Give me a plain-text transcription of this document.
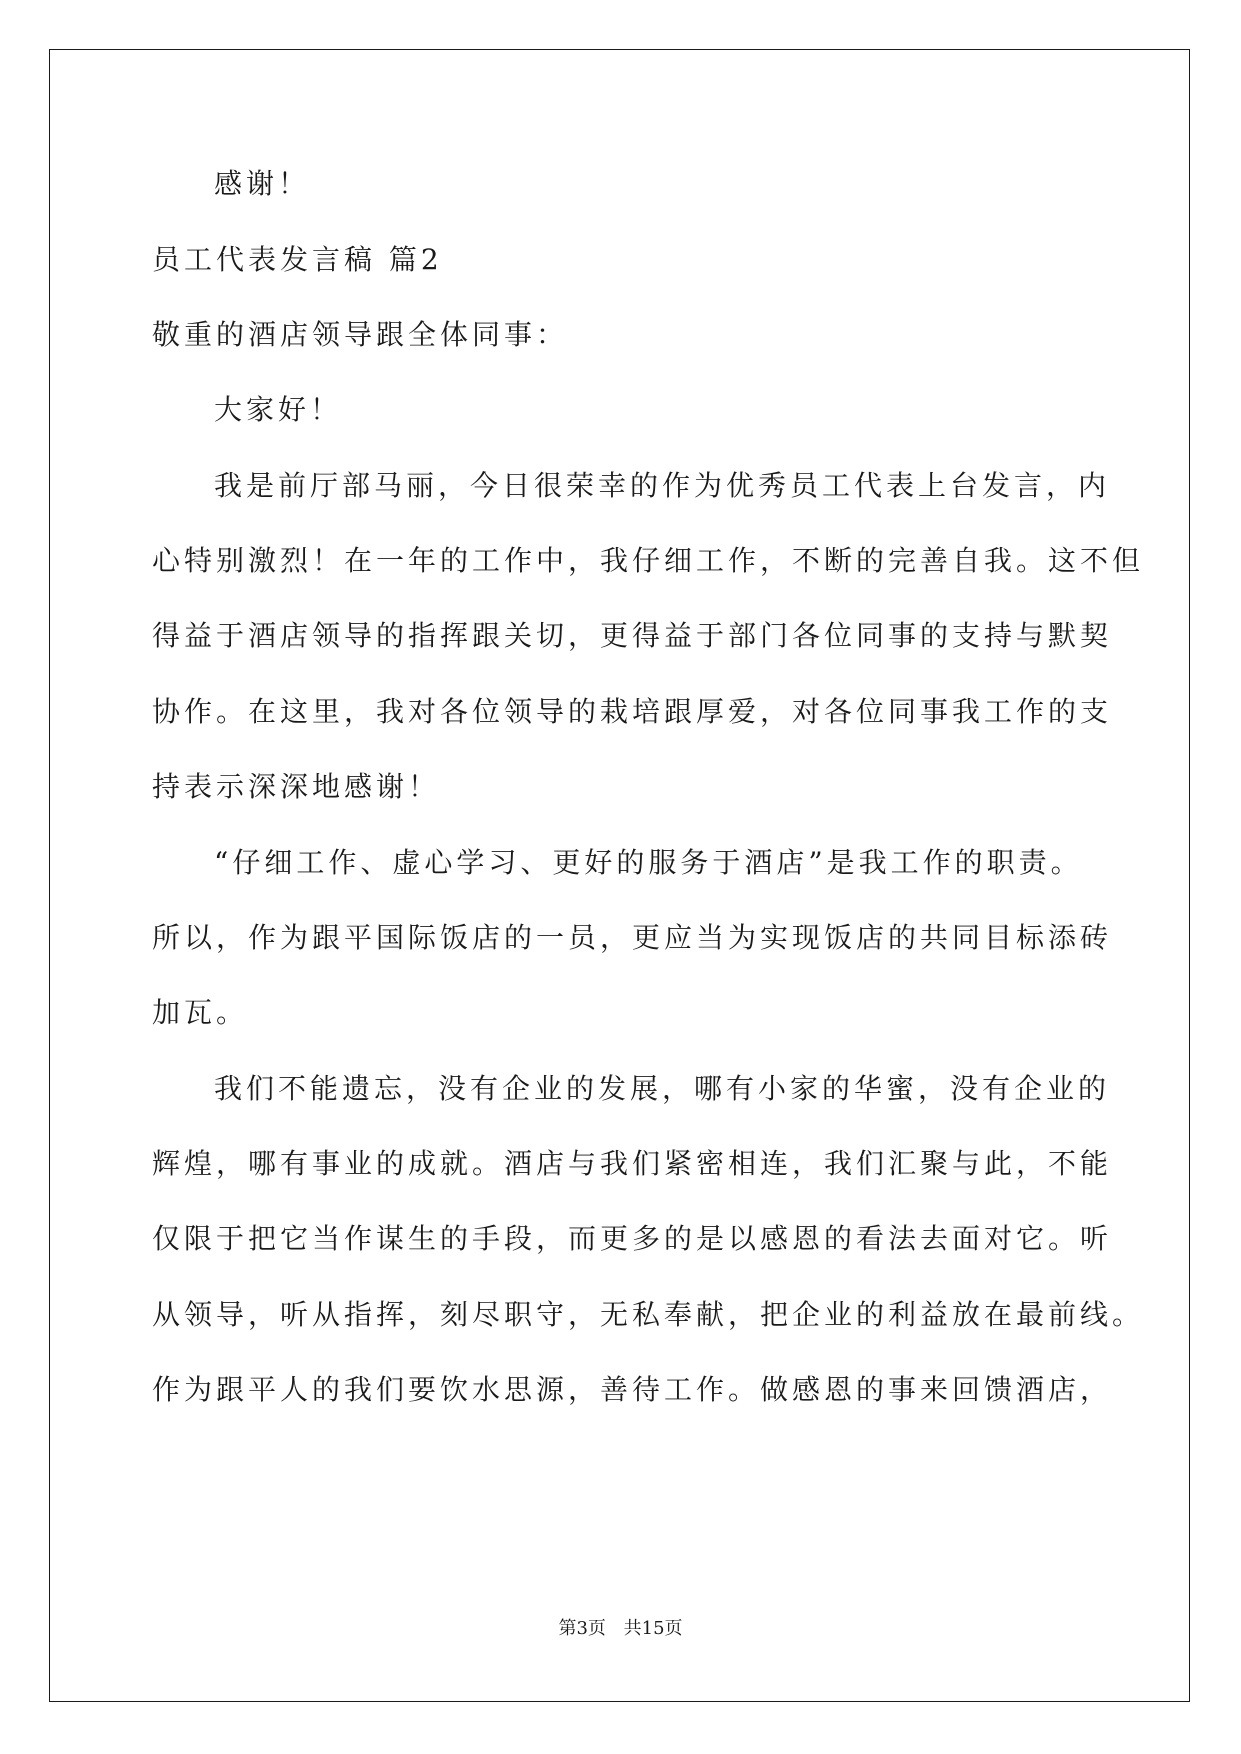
感谢！
员工代表发言稿 篇2
敬重的酒店领导跟全体同事：
大家好！
我是前厅部马丽，今日很荣幸的作为优秀员工代表上台发言，内
心特别激烈！在一年的工作中，我仔细工作，不断的完善自我。这不但
得益于酒店领导的指挥跟关切，更得益于部门各位同事的支持与默契
协作。在这里，我对各位领导的栽培跟厚爱，对各位同事我工作的支
持表示深深地感谢！
“仔细工作、虚心学习、更好的服务于酒店”是我工作的职责。
所以，作为跟平国际饭店的一员，更应当为实现饭店的共同目标添砖
加瓦。
我们不能遗忘，没有企业的发展，哪有小家的华蜜，没有企业的
辉煌，哪有事业的成就。酒店与我们紧密相连，我们汇聚与此，不能
仅限于把它当作谋生的手段，而更多的是以感恩的看法去面对它。听
从领导，听从指挥，刻尽职守，无私奉献，把企业的利益放在最前线。
作为跟平人的我们要饮水思源，善待工作。做感恩的事来回馈酒店，
第3页 共15页
